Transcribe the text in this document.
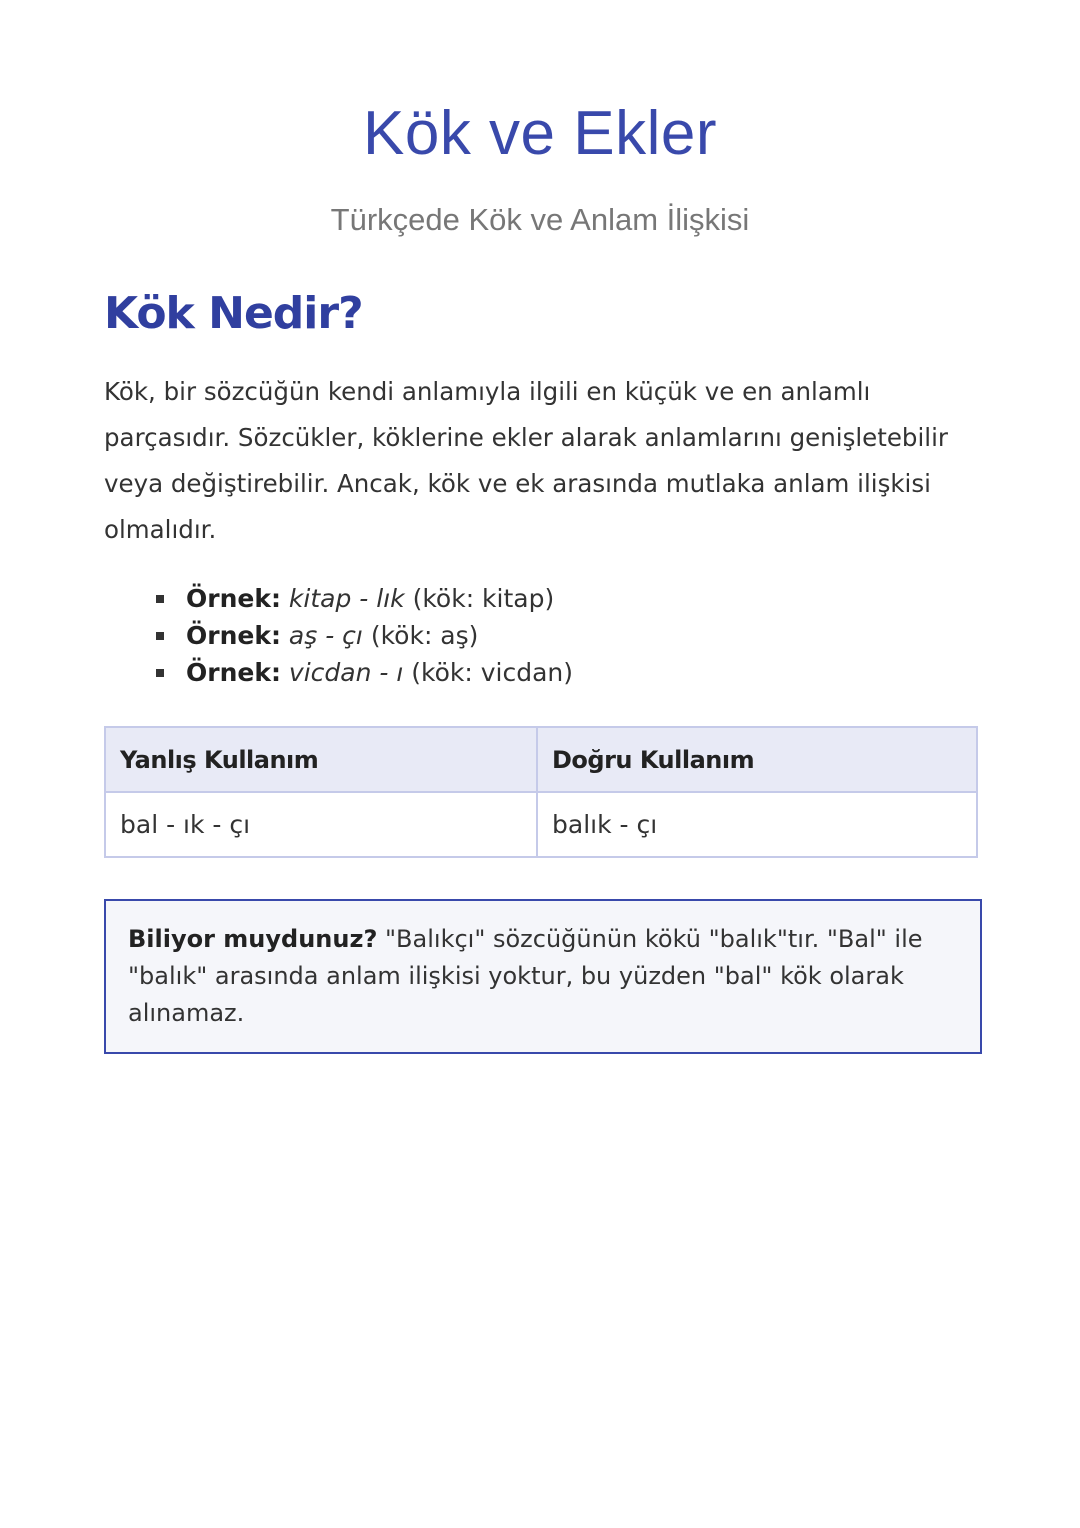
Kök ve Ekler
Türkçede Kök ve Anlam İlişkisi
Kök Nedir?

Kök, bir sözcüğün kendi anlamıyla ilgili en küçük ve en anlamlı parçasıdır. Sözcükler, köklerine ekler alarak anlamlarını genişletebilir veya değiştirebilir. Ancak, kök ve ek arasında mutlaka anlam ilişkisi olmalıdır.

Örnek: kitap - lık (kök: kitap)
Örnek: aş - çı (kök: aş)
Örnek: vicdan - ı (kök: vicdan)
Yanlış Kullanım	Doğru Kullanım
bal - ık - çı	balık - çı
Biliyor muydunuz? "Balıkçı" sözcüğünün kökü "balık"tır. "Bal" ile "balık" arasında anlam ilişkisi yoktur, bu yüzden "bal" kök olarak alınamaz.
